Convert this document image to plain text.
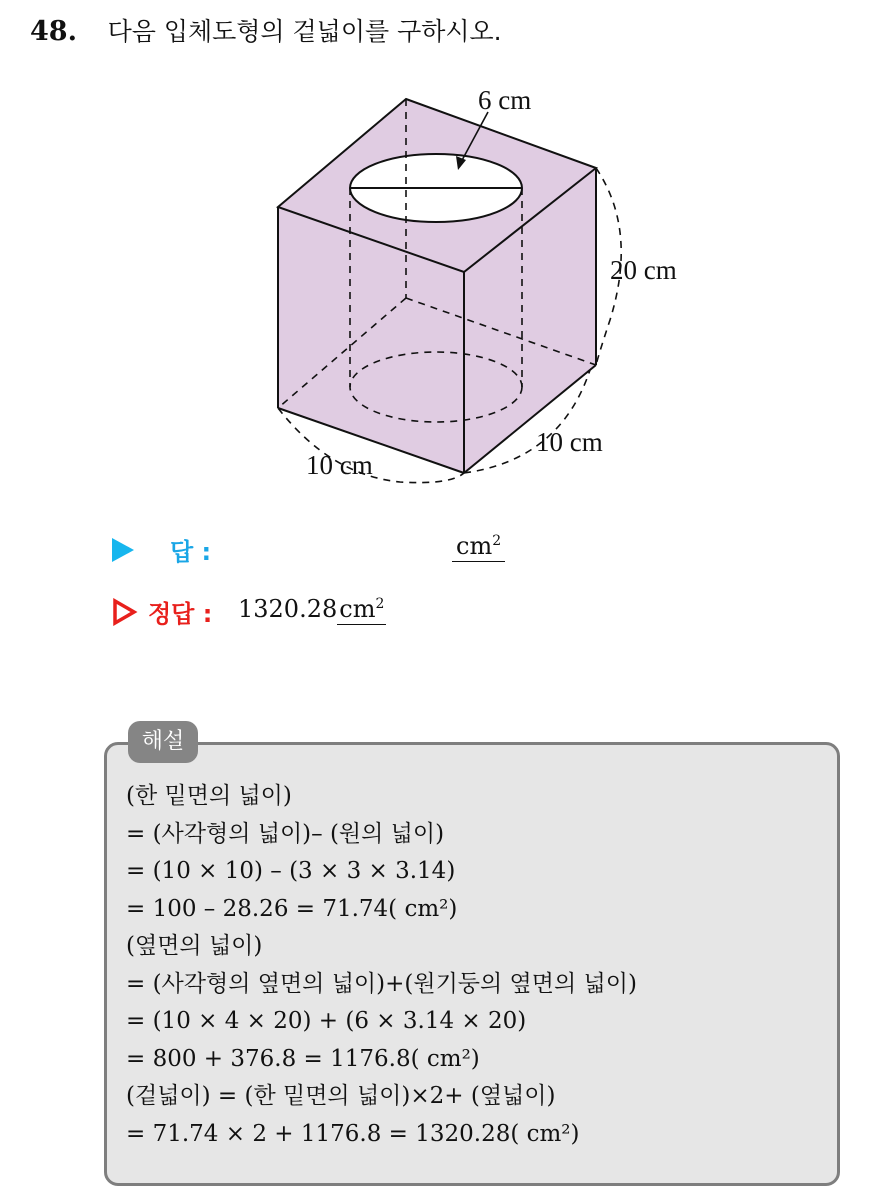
48. 다음 입체도형의 겉넓이를 구하시오.
6 cm
20 cm
10 cm
10 cm
답 :	$cm^2$
정답 : $1320.28cm^2$
해설
(한 밑면의 넓이)
= (사각형의 넓이)– (원의 넓이)
= (10 × 10) – (3 × 3 × 3.14)
= 100 – 28.26 = 71.74( cm²)
(옆면의 넓이)
= (사각형의 옆면의 넓이)+(원기둥의 옆면의 넓이)
= (10 × 4 × 20) + (6 × 3.14 × 20)
= 800 + 376.8 = 1176.8( cm²)
(겉넓이) = (한 밑면의 넓이)×2+ (옆넓이)
= 71.74 × 2 + 1176.8 = 1320.28( cm²)
